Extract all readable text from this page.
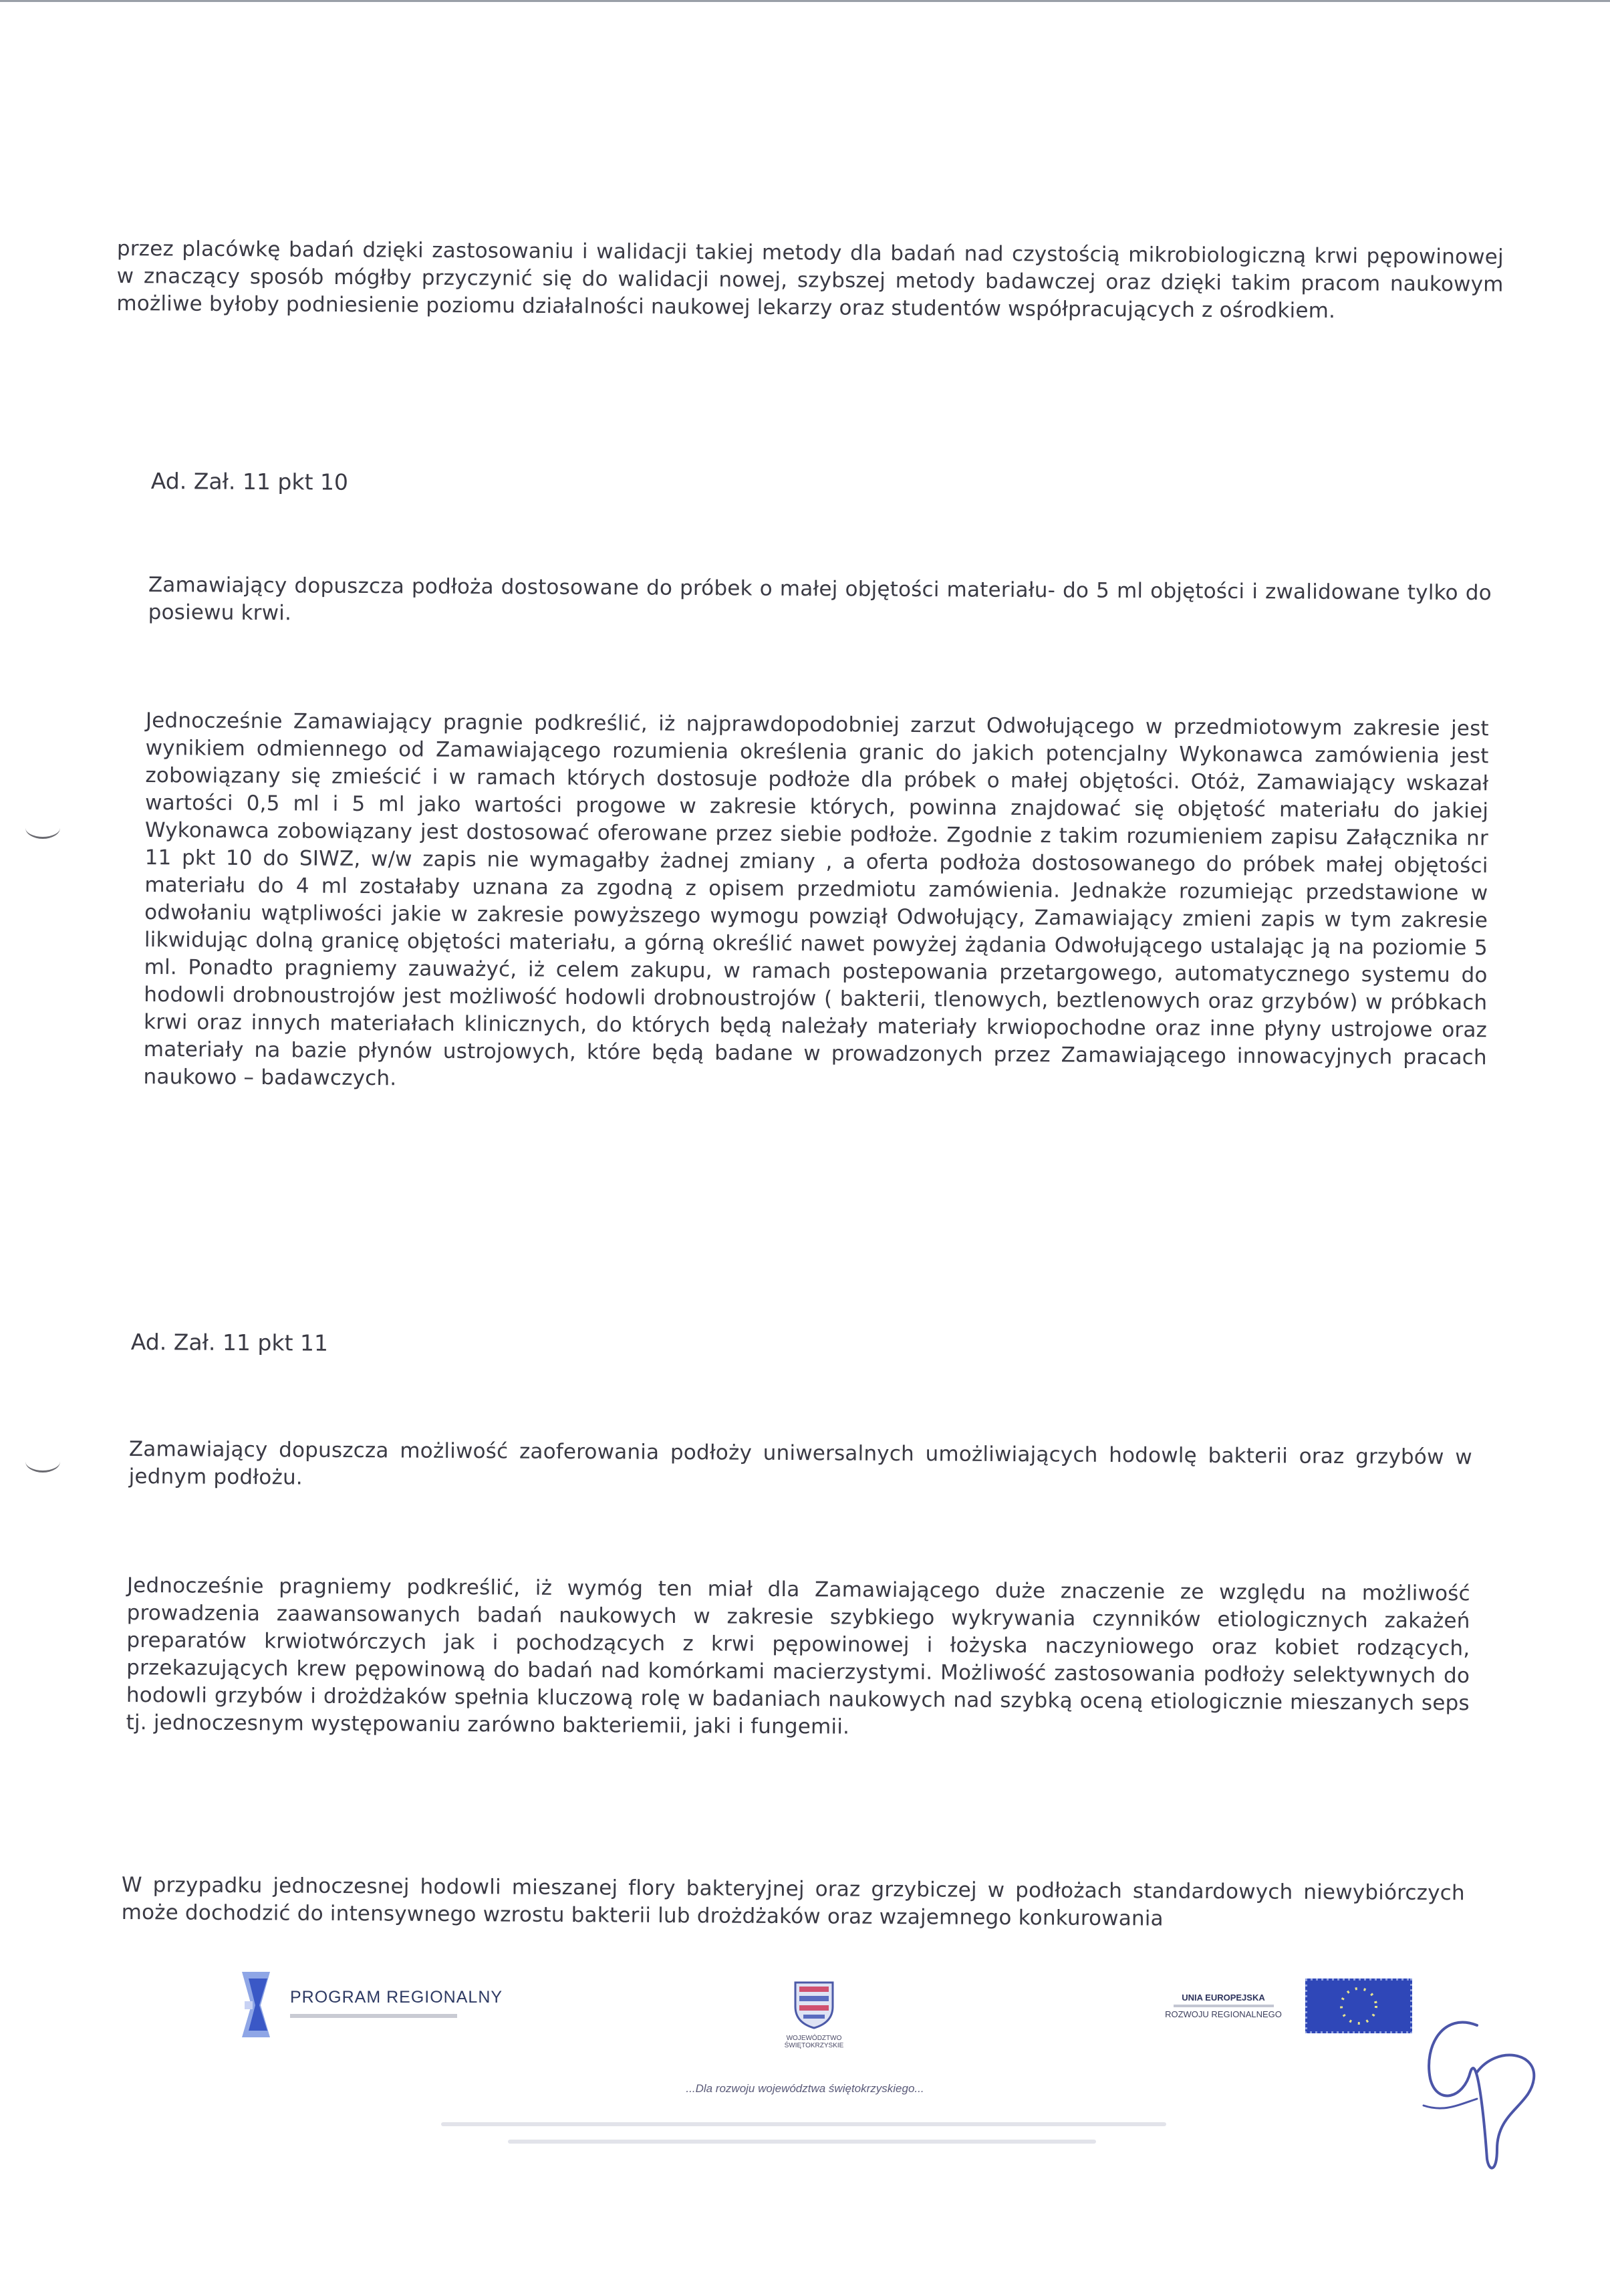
przez placówkę badań dzięki zastosowaniu i walidacji takiej metody dla badań nad czystością mikrobiologiczną krwi pępowinowej w znaczący sposób mógłby przyczynić się do walidacji nowej, szybszej metody badawczej oraz dzięki takim pracom naukowym możliwe byłoby podniesienie poziomu działalności naukowej lekarzy oraz studentów współpracujących z ośrodkiem.
Ad. Zał. 11 pkt 10
Zamawiający dopuszcza podłoża dostosowane do próbek o małej objętości materiału- do 5 ml objętości i zwalidowane tylko do posiewu krwi.
Jednocześnie Zamawiający pragnie podkreślić, iż najprawdopodobniej zarzut Odwołującego w przedmiotowym zakresie jest wynikiem odmiennego od Zamawiającego rozumienia określenia granic do jakich potencjalny Wykonawca zamówienia jest zobowiązany się zmieścić i w ramach których dostosuje podłoże dla próbek o małej objętości. Otóż, Zamawiający wskazał wartości 0,5 ml i 5 ml jako wartości progowe w zakresie których, powinna znajdować się objętość materiału do jakiej Wykonawca zobowiązany jest dostosować oferowane przez siebie podłoże. Zgodnie z takim rozumieniem zapisu Załącznika nr 11 pkt 10 do SIWZ, w/w zapis nie wymagałby żadnej zmiany , a oferta podłoża dostosowanego do próbek małej objętości materiału do 4 ml zostałaby uznana za zgodną z opisem przedmiotu zamówienia. Jednakże rozumiejąc przedstawione w odwołaniu wątpliwości jakie w zakresie powyższego wymogu powziął Odwołujący, Zamawiający zmieni zapis w tym zakresie likwidując dolną granicę objętości materiału, a górną określić nawet powyżej żądania Odwołującego ustalając ją na poziomie 5 ml. Ponadto pragniemy zauważyć, iż celem zakupu, w ramach postepowania przetargowego, automatycznego systemu do hodowli drobnoustrojów jest możliwość hodowli drobnoustrojów ( bakterii, tlenowych, beztlenowych oraz grzybów) w próbkach krwi oraz innych materiałach klinicznych, do których będą należały materiały krwiopochodne oraz inne płyny ustrojowe oraz materiały na bazie płynów ustrojowych, które będą badane w prowadzonych przez Zamawiającego innowacyjnych pracach naukowo – badawczych.
Ad. Zał. 11 pkt 11
Zamawiający dopuszcza możliwość zaoferowania podłoży uniwersalnych umożliwiających hodowlę bakterii oraz grzybów w jednym podłożu.
Jednocześnie pragniemy podkreślić, iż wymóg ten miał dla Zamawiającego duże znaczenie ze względu na możliwość prowadzenia zaawansowanych badań naukowych w zakresie szybkiego wykrywania czynników etiologicznych zakażeń preparatów krwiotwórczych jak i pochodzących z krwi pępowinowej i łożyska naczyniowego oraz kobiet rodzących, przekazujących krew pępowinową do badań nad komórkami macierzystymi. Możliwość zastosowania podłoży selektywnych do hodowli grzybów i drożdżaków spełnia kluczową rolę w badaniach naukowych nad szybką oceną etiologicznie mieszanych seps tj. jednoczesnym występowaniu zarówno bakteriemii, jaki i fungemii.
W przypadku jednoczesnej hodowli mieszanej flory bakteryjnej oraz grzybiczej w podłożach standardowych niewybiórczych może dochodzić do intensywnego wzrostu bakterii lub drożdżaków oraz wzajemnego konkurowania
PROGRAM REGIONALNY
WOJEWÓDZTWO ŚWIĘTOKRZYSKIE
UNIA EUROPEJSKA
ROZWOJU REGIONALNEGO
...Dla rozwoju województwa świętokrzyskiego...
